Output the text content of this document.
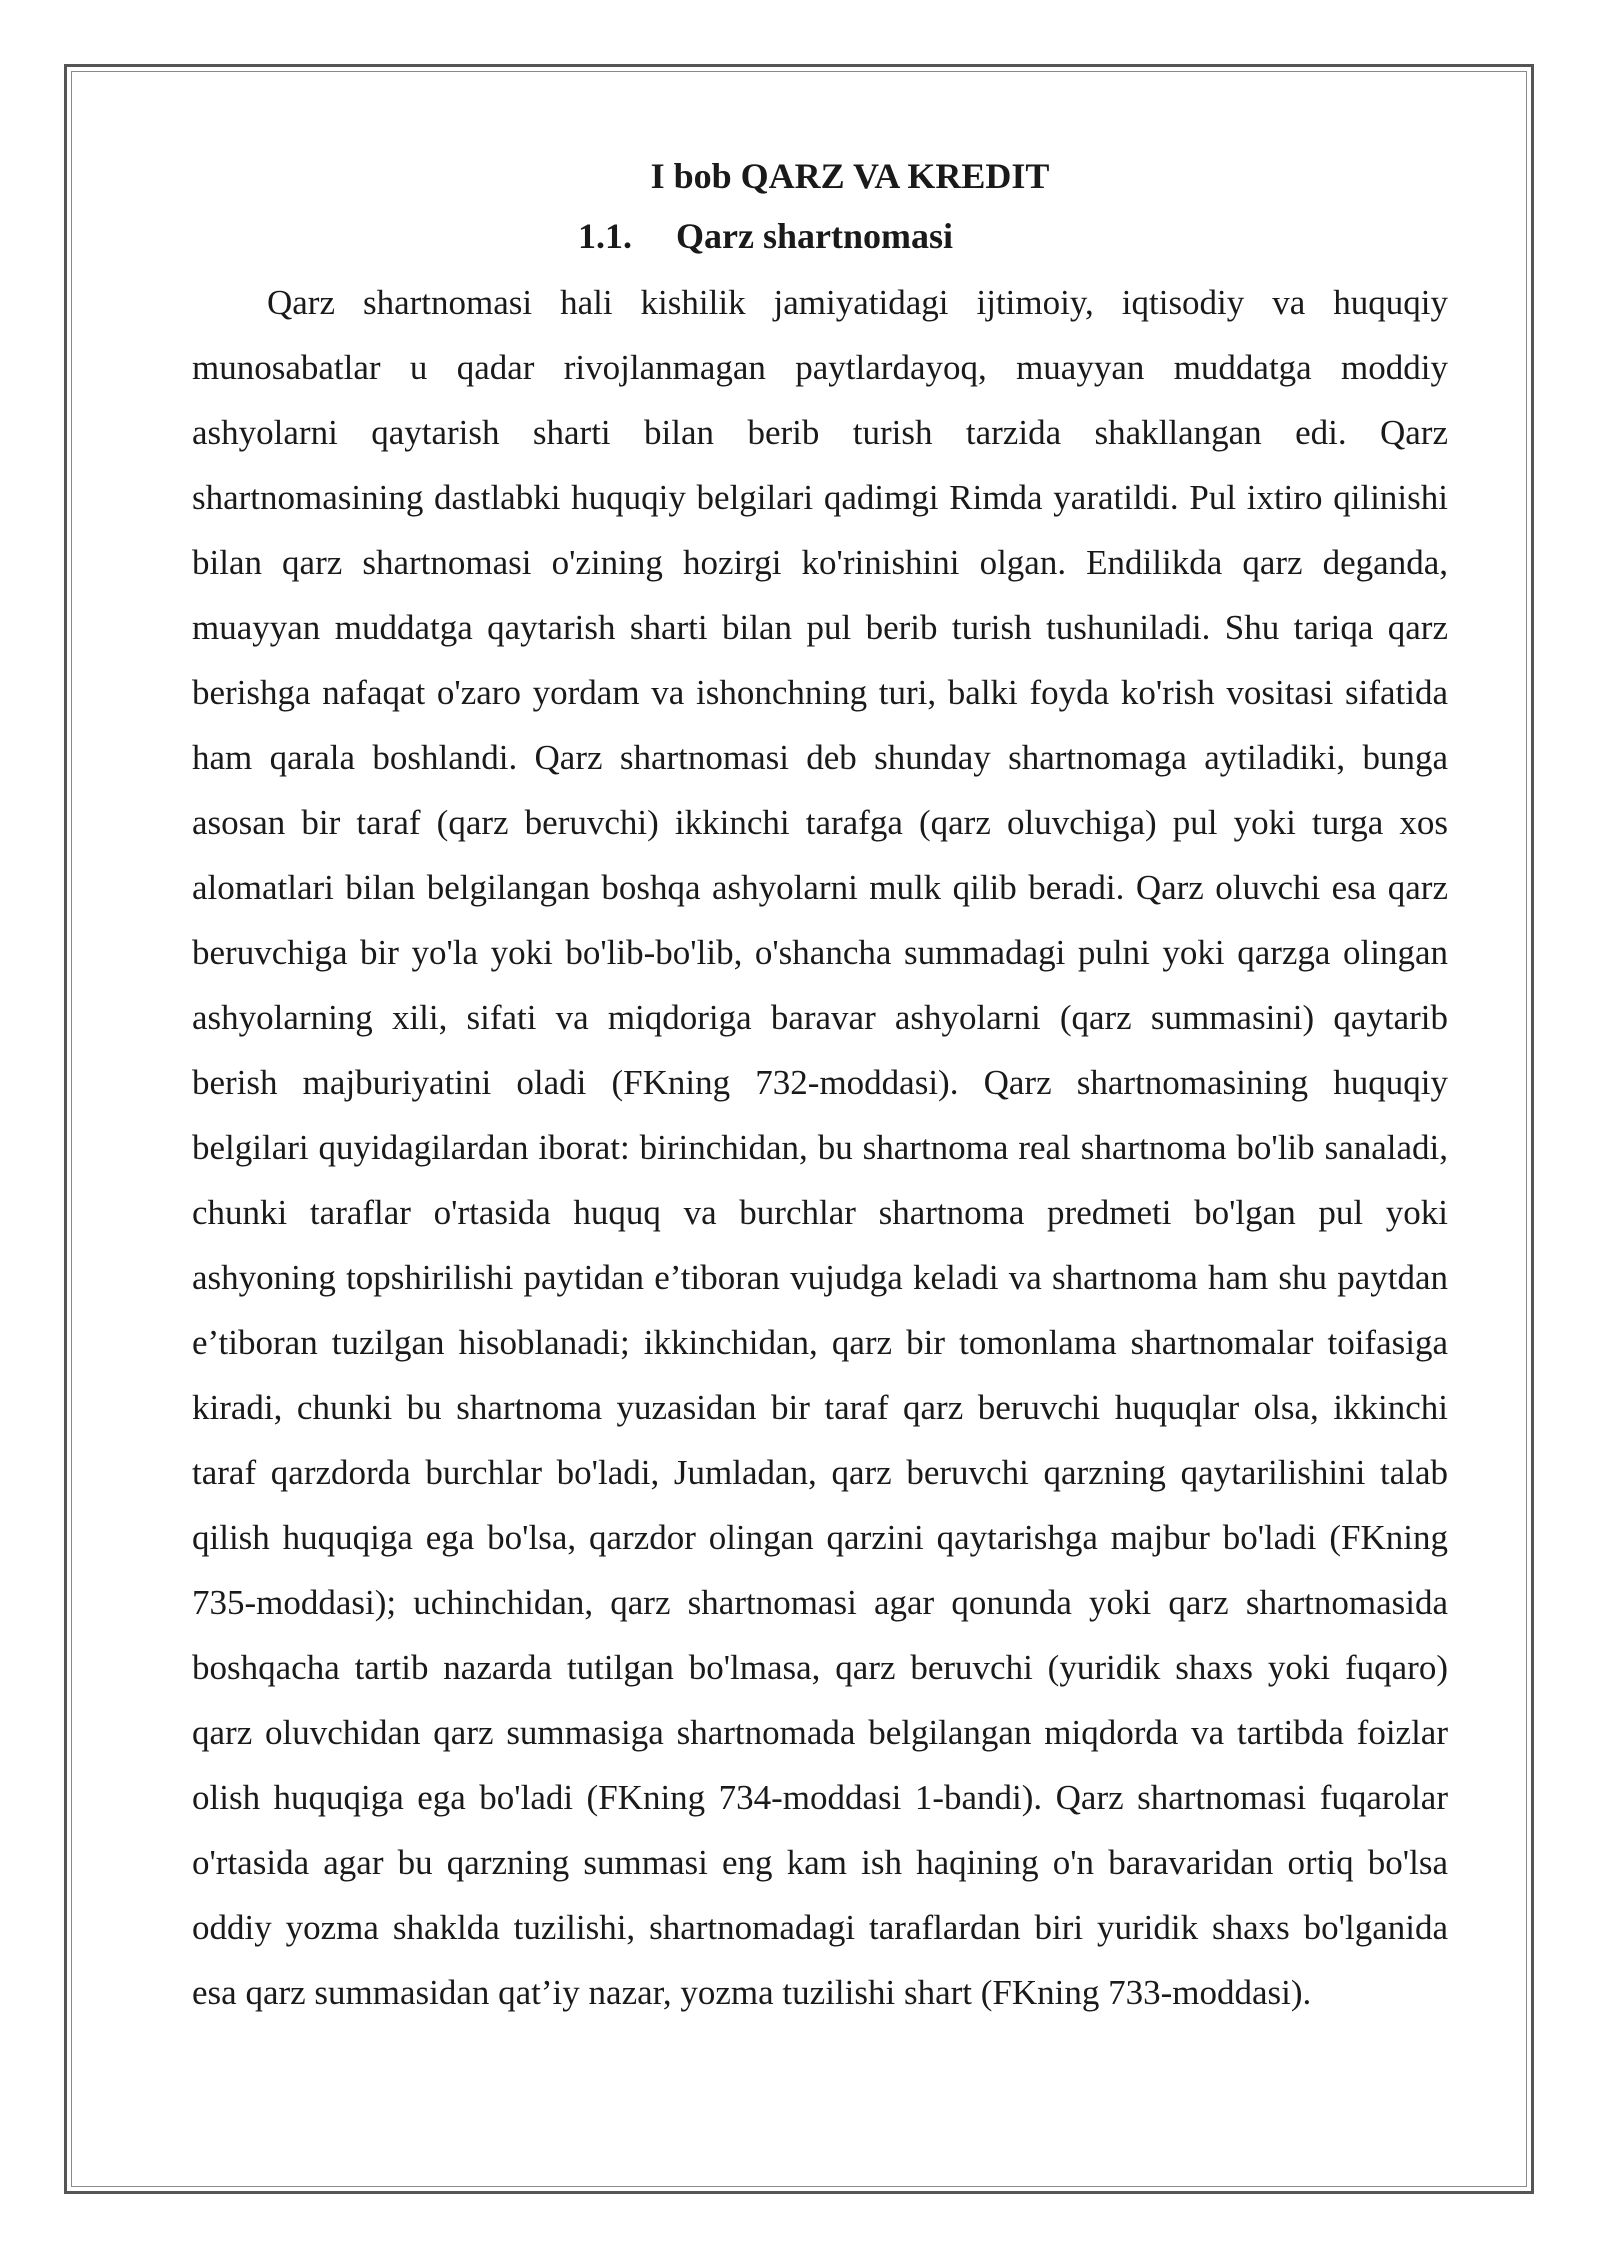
I bob QARZ VA KREDIT
1.1. Qarz shartnomasi

Qarz shartnomasi hali kishilik jamiyatidagi ijtimoiy, iqtisodiy va huquqiy munosabatlar u qadar rivojlanmagan paytlardayoq, muayyan muddatga moddiy ashyolarni qaytarish sharti bilan berib turish tarzida shakllangan edi. Qarz shartnomasining dastlabki huquqiy belgilari qadimgi Rimda yaratildi. Pul ixtiro qilinishi bilan qarz shartnomasi o'zining hozirgi ko'rinishini olgan. Endilikda qarz deganda, muayyan muddatga qaytarish sharti bilan pul berib turish tushuniladi. Shu tariqa qarz berishga nafaqat o'zaro yordam va ishonchning turi, balki foyda ko'rish vositasi sifatida ham qarala boshlandi. Qarz shartnomasi deb shunday shartnomaga aytiladiki, bunga asosan bir taraf (qarz beruvchi) ikkinchi tarafga (qarz oluvchiga) pul yoki turga xos alomatlari bilan belgilangan boshqa ashyolarni mulk qilib beradi. Qarz oluvchi esa qarz beruvchiga bir yo'la yoki bo'lib-bo'lib, o'shancha summadagi pulni yoki qarzga olingan ashyolarning xili, sifati va miqdoriga baravar ashyolarni (qarz summasini) qaytarib berish majburiyatini oladi (FKning 732-moddasi). Qarz shartnomasining huquqiy belgilari quyidagilardan iborat: birinchidan, bu shartnoma real shartnoma bo'lib sanaladi, chunki taraflar o'rtasida huquq va burchlar shartnoma predmeti bo'lgan pul yoki ashyoning topshirilishi paytidan e’tiboran vujudga keladi va shartnoma ham shu paytdan e’tiboran tuzilgan hisoblanadi; ikkinchidan, qarz bir tomonlama shartnomalar toifasiga kiradi, chunki bu shartnoma yuzasidan bir taraf qarz beruvchi huquqlar olsa, ikkinchi taraf qarzdorda burchlar bo'ladi, Jumladan, qarz beruvchi qarzning qaytarilishini talab qilish huquqiga ega bo'lsa, qarzdor olingan qarzini qaytarishga majbur bo'ladi (FKning 735-moddasi); uchinchidan, qarz shartnomasi agar qonunda yoki qarz shartnomasida boshqacha tartib nazarda tutilgan bo'lmasa, qarz beruvchi (yuridik shaxs yoki fuqaro) qarz oluvchidan qarz summasiga shartnomada belgilangan miqdorda va tartibda foizlar olish huquqiga ega bo'ladi (FKning 734-moddasi 1-bandi). Qarz shartnomasi fuqarolar o'rtasida agar bu qarzning summasi eng kam ish haqining o'n baravaridan ortiq bo'lsa oddiy yozma shaklda tuzilishi, shartnomadagi taraflardan biri yuridik shaxs bo'lganida esa qarz summasidan qat’iy nazar, yozma tuzilishi shart (FKning 733-moddasi).
